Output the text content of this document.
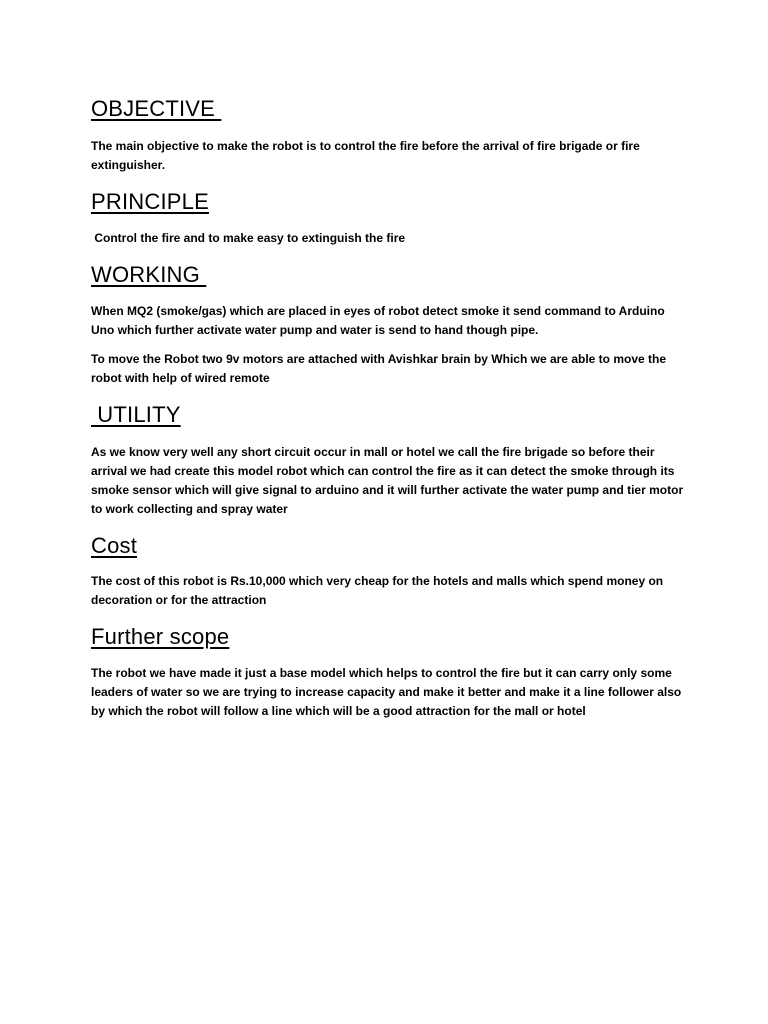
OBJECTIVE

The main objective to make the robot is to control the fire before the arrival of fire brigade or fire extinguisher.

PRINCIPLE

Control the fire and to make easy to extinguish the fire

WORKING

When MQ2 (smoke/gas) which are placed in eyes of robot detect smoke it send command to Arduino Uno which further activate water pump and water is send to hand though pipe.

To move the Robot two 9v motors are attached with Avishkar brain by Which we are able to move the robot with help of wired remote

UTILITY

As we know very well any short circuit occur in mall or hotel we call the fire brigade so before their arrival we had create this model robot which can control the fire as it can detect the smoke through its smoke sensor which will give signal to arduino and it will further activate the water pump and tier motor to work collecting and spray water

Cost

The cost of this robot is Rs.10,000 which very cheap for the hotels and malls which spend money on decoration or for the attraction

Further scope

The robot we have made it just a base model which helps to control the fire but it can carry only some leaders of water so we are trying to increase capacity and make it better and make it a line follower also by which the robot will follow a line which will be a good attraction for the mall or hotel
